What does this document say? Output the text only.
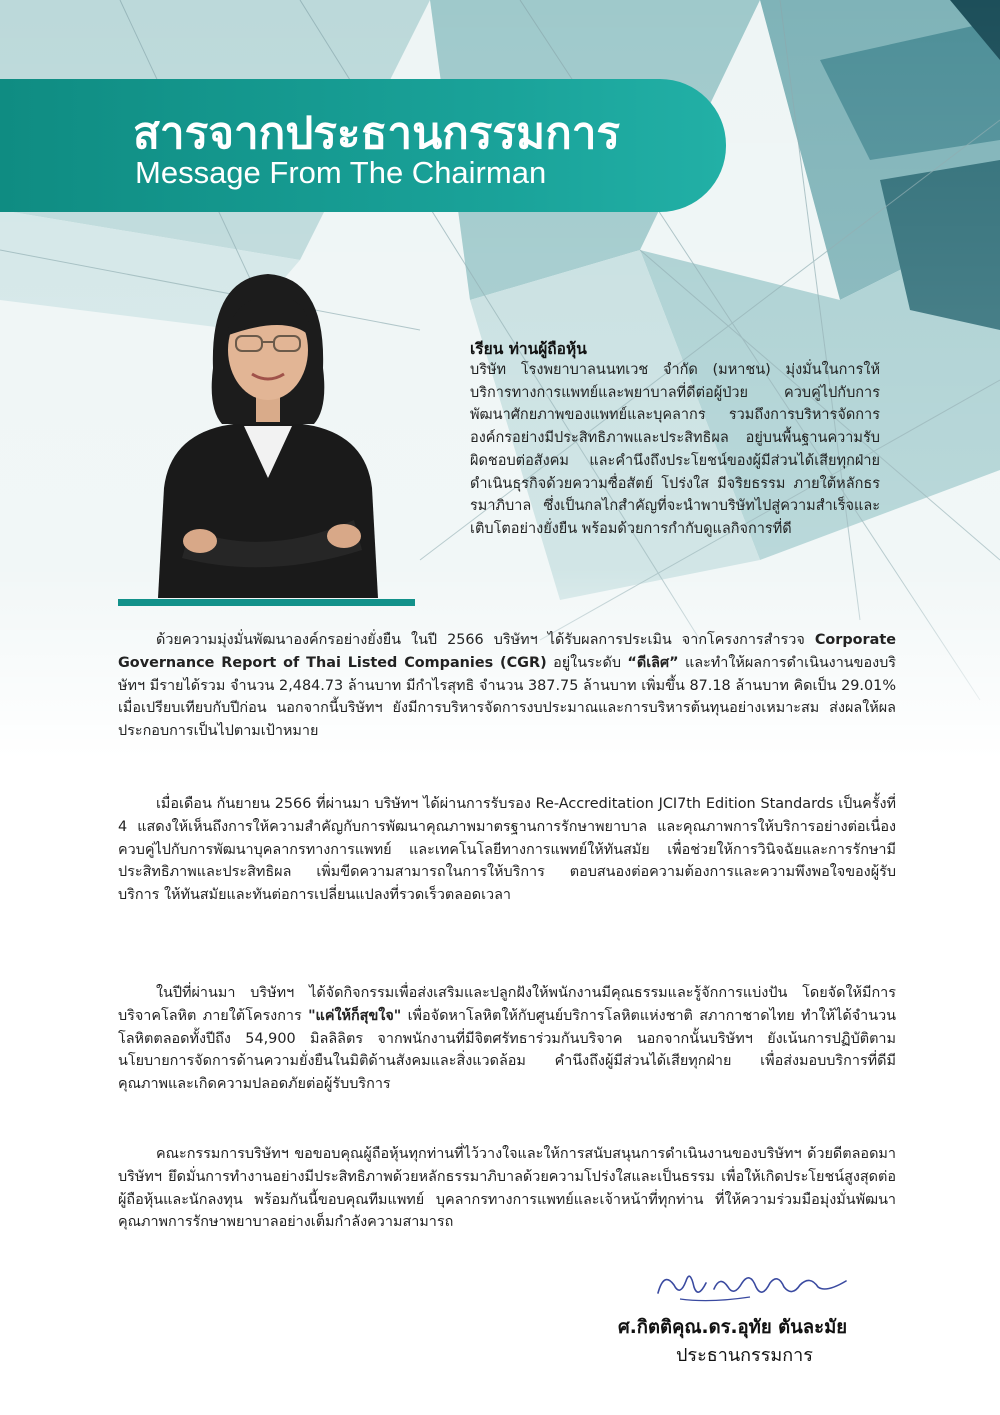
สารจากประธานกรรมการ
Message From The Chairman
เรียน ท่านผู้ถือหุ้น
บริษัท โรงพยาบาลนนทเวช จำกัด (มหาชน) มุ่งมั่นในการให้บริการทางการแพทย์และพยาบาลที่ดีต่อผู้ป่วย ควบคู่ไปกับการพัฒนาศักยภาพของแพทย์และบุคลากร รวมถึงการบริหารจัดการองค์กรอย่างมีประสิทธิภาพและประสิทธิผล อยู่บนพื้นฐานความรับผิดชอบต่อสังคม และคำนึงถึงประโยชน์ของผู้มีส่วนได้เสียทุกฝ่าย ดำเนินธุรกิจด้วยความซื่อสัตย์ โปร่งใส มีจริยธรรม ภายใต้หลักธรรมาภิบาล ซึ่งเป็นกลไกสำคัญที่จะนำพาบริษัทไปสู่ความสำเร็จและเติบโตอย่างยั่งยืน พร้อมด้วยการกำกับดูแลกิจการที่ดี
ด้วยความมุ่งมั่นพัฒนาองค์กรอย่างยั่งยืน ในปี 2566 บริษัทฯ ได้รับผลการประเมิน จากโครงการสำรวจ Corporate Governance Report of Thai Listed Companies (CGR) อยู่ในระดับ “ดีเลิศ” และทำให้ผลการดำเนินงานของบริษัทฯ มีรายได้รวม จำนวน 2,484.73 ล้านบาท มีกำไรสุทธิ จำนวน 387.75 ล้านบาท เพิ่มขึ้น 87.18 ล้านบาท คิดเป็น 29.01% เมื่อเปรียบเทียบกับปีก่อน นอกจากนี้บริษัทฯ ยังมีการบริหารจัดการงบประมาณและการบริหารต้นทุนอย่างเหมาะสม ส่งผลให้ผลประกอบการเป็นไปตามเป้าหมาย
เมื่อเดือน กันยายน 2566 ที่ผ่านมา บริษัทฯ ได้ผ่านการรับรอง Re-Accreditation JCI7th Edition Standards เป็นครั้งที่ 4 แสดงให้เห็นถึงการให้ความสำคัญกับการพัฒนาคุณภาพมาตรฐานการรักษาพยาบาล และคุณภาพการให้บริการอย่างต่อเนื่อง ควบคู่ไปกับการพัฒนาบุคลากรทางการแพทย์ และเทคโนโลยีทางการแพทย์ให้ทันสมัย เพื่อช่วยให้การวินิจฉัยและการรักษามีประสิทธิภาพและประสิทธิผล เพิ่มขีดความสามารถในการให้บริการ ตอบสนองต่อความต้องการและความพึงพอใจของผู้รับบริการ ให้ทันสมัยและทันต่อการเปลี่ยนแปลงที่รวดเร็วตลอดเวลา
ในปีที่ผ่านมา บริษัทฯ ได้จัดกิจกรรมเพื่อส่งเสริมและปลูกฝังให้พนักงานมีคุณธรรมและรู้จักการแบ่งปัน โดยจัดให้มีการบริจาคโลหิต ภายใต้โครงการ "แค่ให้ก็สุขใจ" เพื่อจัดหาโลหิตให้กับศูนย์บริการโลหิตแห่งชาติ สภากาชาดไทย ทำให้ได้จำนวนโลหิตตลอดทั้งปีถึง 54,900 มิลลิลิตร จากพนักงานที่มีจิตศรัทธาร่วมกันบริจาค นอกจากนั้นบริษัทฯ ยังเน้นการปฏิบัติตามนโยบายการจัดการด้านความยั่งยืนในมิติด้านสังคมและสิ่งแวดล้อม คำนึงถึงผู้มีส่วนได้เสียทุกฝ่าย เพื่อส่งมอบบริการที่ดีมีคุณภาพและเกิดความปลอดภัยต่อผู้รับบริการ
คณะกรรมการบริษัทฯ ขอขอบคุณผู้ถือหุ้นทุกท่านที่ไว้วางใจและให้การสนับสนุนการดำเนินงานของบริษัทฯ ด้วยดีตลอดมา บริษัทฯ ยึดมั่นการทำงานอย่างมีประสิทธิภาพด้วยหลักธรรมาภิบาลด้วยความโปร่งใสและเป็นธรรม เพื่อให้เกิดประโยชน์สูงสุดต่อผู้ถือหุ้นและนักลงทุน พร้อมกันนี้ขอบคุณทีมแพทย์ บุคลากรทางการแพทย์และเจ้าหน้าที่ทุกท่าน ที่ให้ความร่วมมือมุ่งมั่นพัฒนาคุณภาพการรักษาพยาบาลอย่างเต็มกำลังความสามารถ
ศ.กิตติคุณ.ดร.อุทัย ตันละมัย
ประธานกรรมการ
